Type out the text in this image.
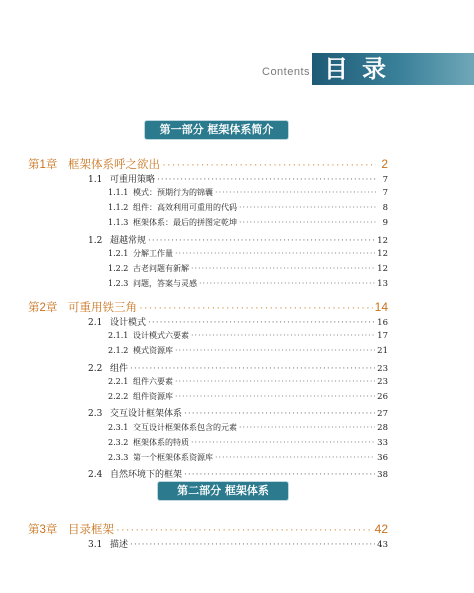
Contents 目录
第一部分 框架体系简介
第二部分 框架体系
第1章 框架体系呼之欲出 ·····	2
1.1 可重用策略 ·····	7
1.1.1 模式：预期行为的锦囊 ·····	7
1.1.2 组件：高效利用可重用的代码 ·····	8
1.1.3 框架体系：最后的拼图定乾坤 ·····	9
1.2 超越常规 ·····	12
1.2.1 分解工作量 ·····	12
1.2.2 古老问题有新解 ·····	12
1.2.3 问题，答案与灵感 ·····	13
第2章 可重用铁三角 ·····	14
2.1 设计模式 ·····	16
2.1.1 设计模式六要素 ·····	17
2.1.2 模式资源库 ·····	21
2.2 组件 ·····	23
2.2.1 组件六要素 ·····	23
2.2.2 组件资源库 ·····	26
2.3 交互设计框架体系 ·····	27
2.3.1 交互设计框架体系包含的元素 ·····	28
2.3.2 框架体系的特质 ·····	33
2.3.3 第一个框架体系资源库 ·····	36
2.4 自然环境下的框架 ·····	38
第3章 目录框架 ·····	42
3.1 描述 ·····	43
